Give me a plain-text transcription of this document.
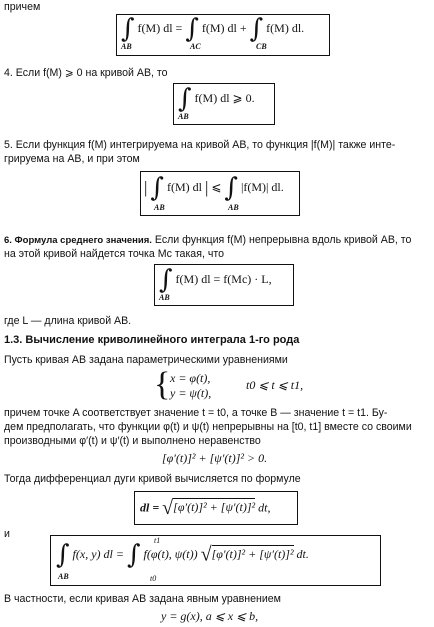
причем
∫ f(M) dl = ∫ f(M) dl + ∫ f(M) dl.
AB	AC	CB
4. Если f(M) ⩾ 0 на кривой AB, то
∫ f(M) dl ⩾ 0.
AB
5. Если функция f(M) интегрируема на кривой AB, то функция |f(M)| также инте-
грируема на AB, и при этом
| ∫ f(M) dl | ⩽ ∫ |f(M)| dl.
AB	AB
6. Формула среднего значения. Если функция f(M) непрерывна вдоль кривой AB, то
на этой кривой найдется точка Mc такая, что
∫ f(M) dl = f(Mc) · L,
AB
где L — длина кривой AB.
1.3. Вычисление криволинейного интеграла 1-го рода
Пусть кривая AB задана параметрическими уравнениями
{ x = φ(t),
y = ψ(t),
t0 ⩽ t ⩽ t1,
причем точке A соответствует значение t = t0, а точке B — значение t = t1. Бу-
дем предполагать, что функции φ(t) и ψ(t) непрерывны на [t0, t1] вместе со своими
производными φ′(t) и ψ′(t) и выполнено неравенство
[φ′(t)]² + [ψ′(t)]² > 0.
Тогда дифференциал дуги кривой вычисляется по формуле
dl = √[φ′(t)]² + [ψ′(t)]² dt,
и
∫ f(x, y) dl = ∫ f(φ(t), ψ(t)) √[φ′(t)]² + [ψ′(t)]² dt.
AB
t1
t0
В частности, если кривая AB задана явным уравнением
y = g(x), a ⩽ x ⩽ b,
